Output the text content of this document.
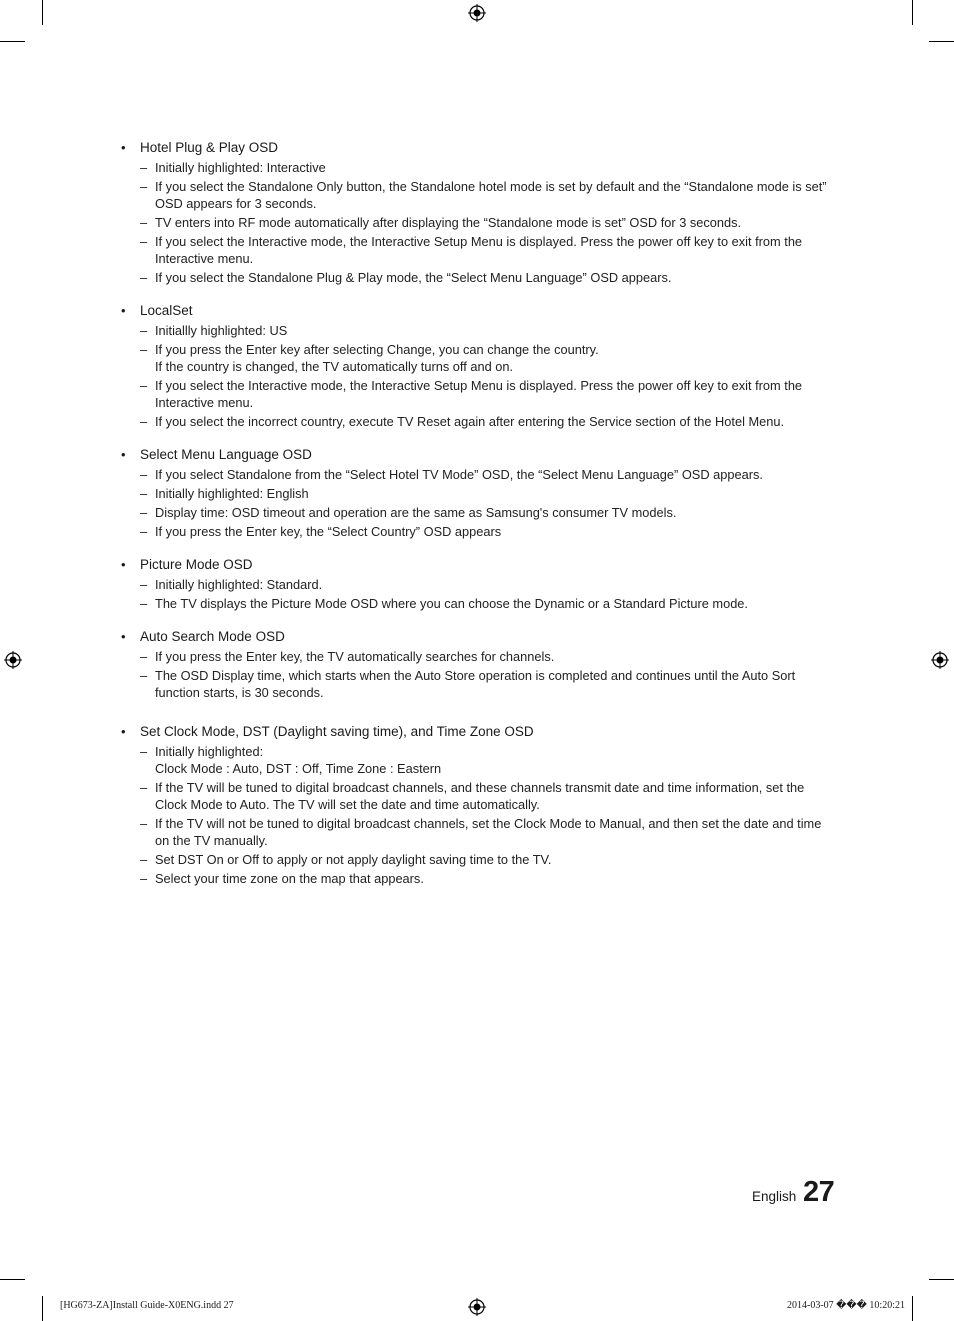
• Hotel Plug & Play OSD
– Initially highlighted: Interactive
– If you select the Standalone Only button, the Standalone hotel mode is set by default and the “Standalone mode is set”
OSD appears for 3 seconds.
– TV enters into RF mode automatically after displaying the “Standalone mode is set” OSD for 3 seconds.
– If you select the Interactive mode, the Interactive Setup Menu is displayed. Press the power off key to exit from the
Interactive menu.
– If you select the Standalone Plug & Play mode, the “Select Menu Language” OSD appears.
• LocalSet
– Initiallly highlighted: US
– If you press the Enter key after selecting Change, you can change the country.
If the country is changed, the TV automatically turns off and on.
– If you select the Interactive mode, the Interactive Setup Menu is displayed. Press the power off key to exit from the
Interactive menu.
– If you select the incorrect country, execute TV Reset again after entering the Service section of the Hotel Menu.
• Select Menu Language OSD
– If you select Standalone from the “Select Hotel TV Mode” OSD, the “Select Menu Language” OSD appears.
– Initially highlighted: English
– Display time: OSD timeout and operation are the same as Samsung's consumer TV models.
– If you press the Enter key, the “Select Country” OSD appears
• Picture Mode OSD
– Initially highlighted: Standard.
– The TV displays the Picture Mode OSD where you can choose the Dynamic or a Standard Picture mode.
• Auto Search Mode OSD
– If you press the Enter key, the TV automatically searches for channels.
– The OSD Display time, which starts when the Auto Store operation is completed and continues until the Auto Sort
function starts, is 30 seconds.
• Set Clock Mode, DST (Daylight saving time), and Time Zone OSD
– Initially highlighted:
Clock Mode : Auto, DST : Off, Time Zone : Eastern
– If the TV will be tuned to digital broadcast channels, and these channels transmit date and time information, set the
Clock Mode to Auto. The TV will set the date and time automatically.
– If the TV will not be tuned to digital broadcast channels, set the Clock Mode to Manual, and then set the date and time
on the TV manually.
– Set DST On or Off to apply or not apply daylight saving time to the TV.
– Select your time zone on the map that appears.
English 27
[HG673-ZA]Install Guide-X0ENG.indd 27	2014-03-07 ��� 10:20:21
